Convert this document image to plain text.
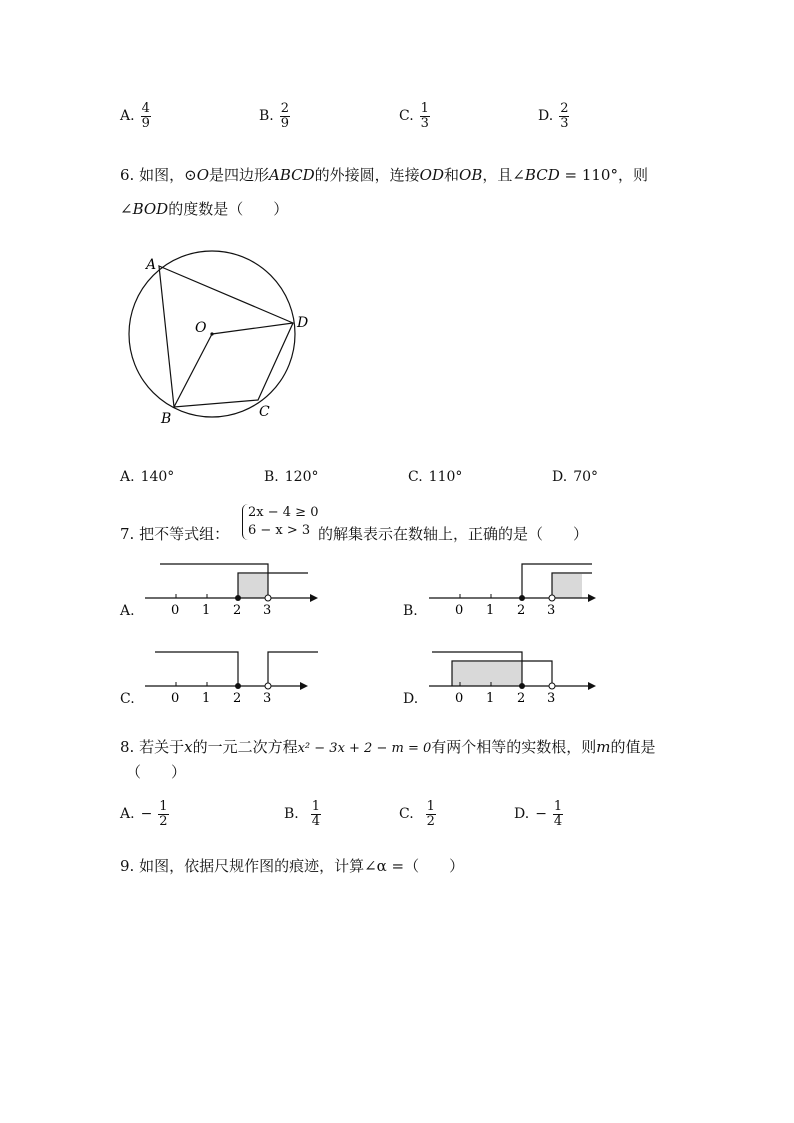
A. $\frac{4}{9}$	B. $\frac{2}{9}$	C. $\frac{1}{3}$	D. $\frac{2}{3}$
6. 如图，⊙O是四边形ABCD的外接圆，连接OD和OB，且∠BCD = 110°，则
∠BOD的度数是（　　）
A
D
O
C
B
A. 140°	B. 120°	C. 110°	D. 70°
7. 把不等式组：
2x − 4 ≥ 0
6 − x > 3 的解集表示在数轴上，正确的是（　　）
A.	0 1 2 3	B.	0 1 2 3
C.	0 1 2 3	D.	0 1 2 3
8. 若关于x的一元二次方程x² − 3x + 2 − m = 0有两个相等的实数根，则m的值是
（　　）
A. − $\frac{1}{2}$	B. $\frac{1}{4}$	C. $\frac{1}{2}$	D. − $\frac{1}{4}$
9. 如图，依据尺规作图的痕迹，计算∠α =（　　）
